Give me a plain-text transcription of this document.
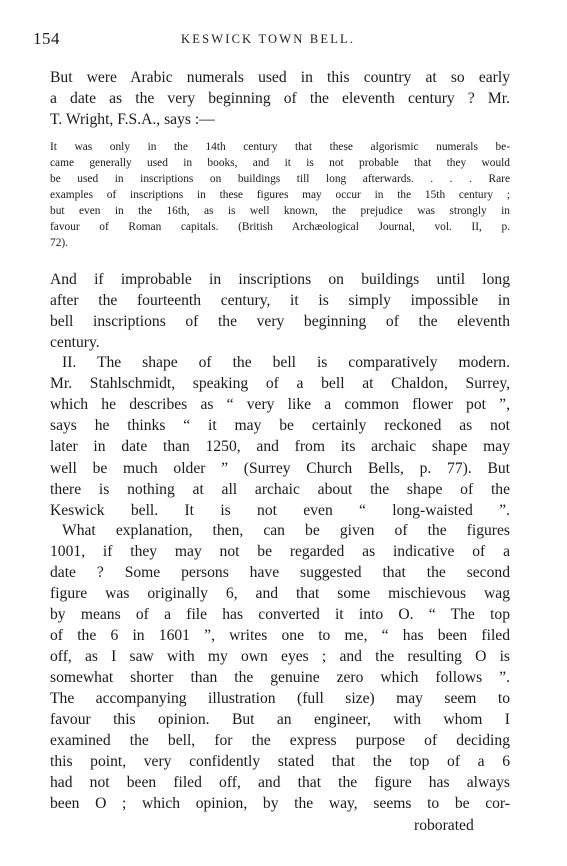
154	KESWICK TOWN BELL.
But were Arabic numerals used in this country at so early
a date as the very beginning of the eleventh century ? Mr.
T. Wright, F.S.A., says :—
It was only in the 14th century that these algorismic numerals be-
came generally used in books, and it is not probable that they would
be used in inscriptions on buildings till long afterwards. . . . Rare
examples of inscriptions in these figures may occur in the 15th century ;
but even in the 16th, as is well known, the prejudice was strongly in
favour of Roman capitals. (British Archæological Journal, vol. II, p.
72).
And if improbable in inscriptions on buildings until long
after the fourteenth century, it is simply impossible in
bell inscriptions of the very beginning of the eleventh
century.
II. The shape of the bell is comparatively modern.
Mr. Stahlschmidt, speaking of a bell at Chaldon, Surrey,
which he describes as “ very like a common flower pot ”,
says he thinks “ it may be certainly reckoned as not
later in date than 1250, and from its archaic shape may
well be much older ” (Surrey Church Bells, p. 77). But
there is nothing at all archaic about the shape of the
Keswick bell. It is not even “ long-waisted ”.
What explanation, then, can be given of the figures
1001, if they may not be regarded as indicative of a
date ? Some persons have suggested that the second
figure was originally 6, and that some mischievous wag
by means of a file has converted it into O. “ The top
of the 6 in 1601 ”, writes one to me, “ has been filed
off, as I saw with my own eyes ; and the resulting O is
somewhat shorter than the genuine zero which follows ”.
The accompanying illustration (full size) may seem to
favour this opinion. But an engineer, with whom I
examined the bell, for the express purpose of deciding
this point, very confidently stated that the top of a 6
had not been filed off, and that the figure has always
been O ; which opinion, by the way, seems to be cor-
roborated
